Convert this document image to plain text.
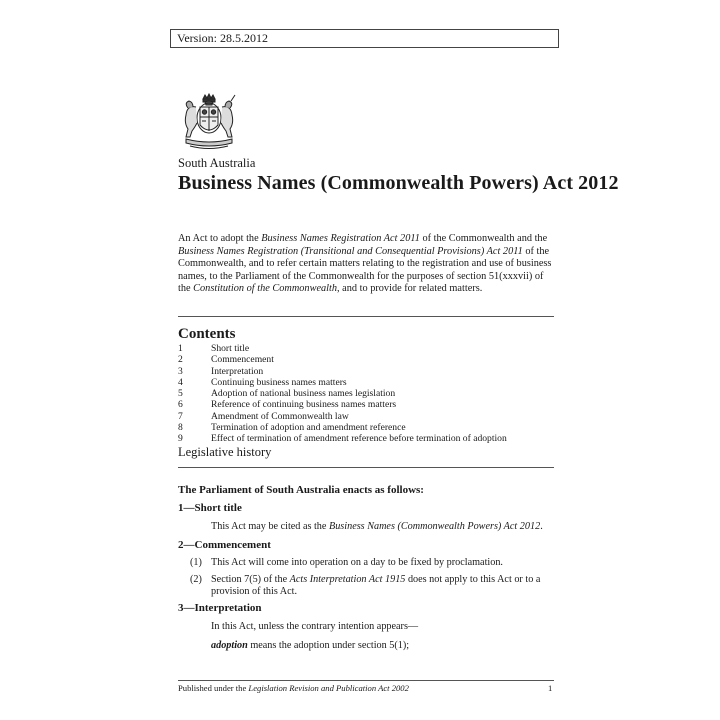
Version: 28.5.2012
South Australia
Business Names (Commonwealth Powers) Act 2012
An Act to adopt the Business Names Registration Act 2011 of the Commonwealth and the Business Names Registration (Transitional and Consequential Provisions) Act 2011 of the Commonwealth, and to refer certain matters relating to the registration and use of business names, to the Parliament of the Commonwealth for the purposes of section 51(xxxvii) of the Constitution of the Commonwealth, and to provide for related matters.
Contents
1	Short title
2	Commencement
3	Interpretation
4	Continuing business names matters
5	Adoption of national business names legislation
6	Reference of continuing business names matters
7	Amendment of Commonwealth law
8	Termination of adoption and amendment reference
9	Effect of termination of amendment reference before termination of adoption
Legislative history
The Parliament of South Australia enacts as follows:
1—Short title
This Act may be cited as the Business Names (Commonwealth Powers) Act 2012.
2—Commencement
(1) This Act will come into operation on a day to be fixed by proclamation.
(2) Section 7(5) of the Acts Interpretation Act 1915 does not apply to this Act or to a provision of this Act.
3—Interpretation
In this Act, unless the contrary intention appears—
adoption means the adoption under section 5(1);
Published under the Legislation Revision and Publication Act 2002	1
